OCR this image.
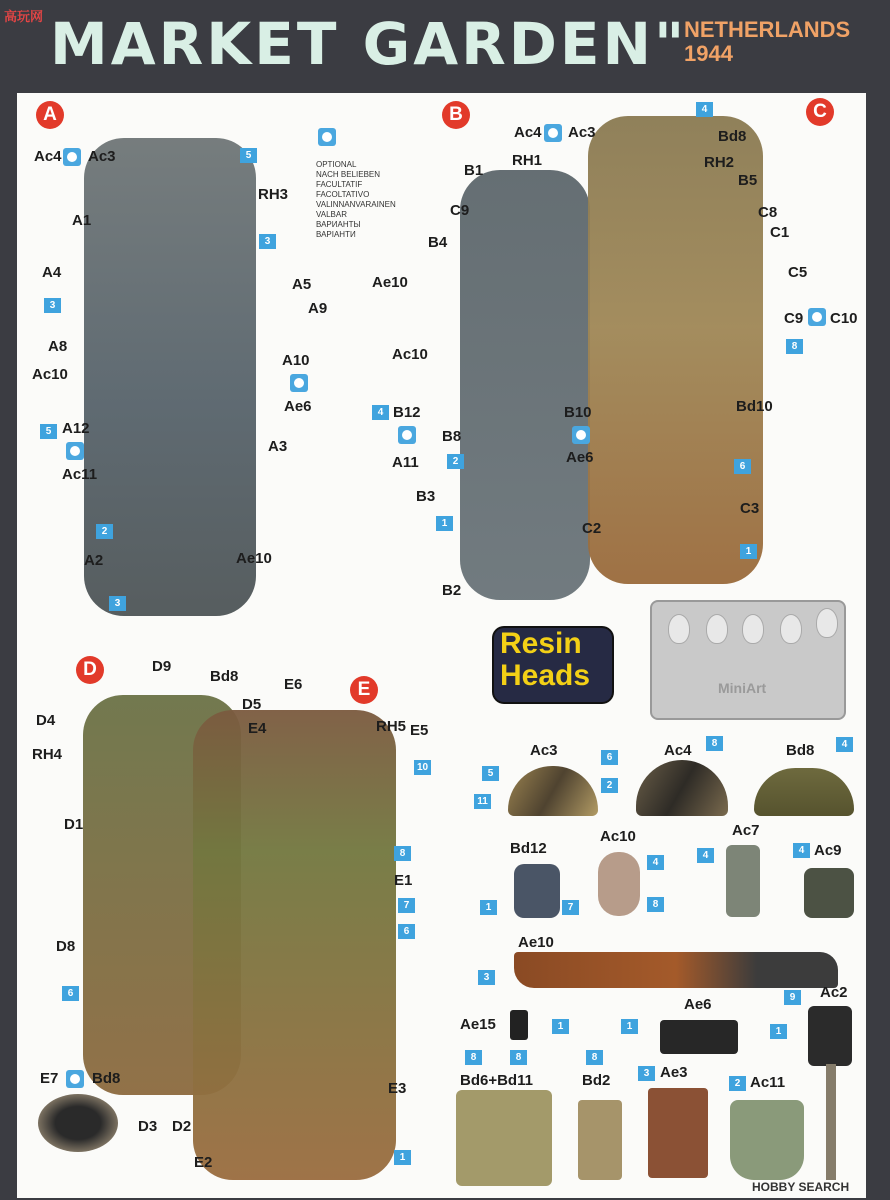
MARKET GARDEN"
NETHERLANDS
1944
高玩网
A	B	C
D
E
OPTIONAL
NACH BELIEBEN
FACULTATIF
FACOLTATIVO
VALINNANVARAINEN
VALBAR
ВАРИАНТЫ
ВАРІАНТИ
Ac4 Ac3	5
RH3
A1
3
A4
A5
3	A9
A8
A10
Ac10
Ae6
5 A12
Ac11
A3
2
A2	Ae10
3
4
Ac4 Ac3
RH1
B1
C9
B4
Ae10
Ac10
4 B12
A11
B8
B10
Ae6
2
B3
1
B2
Bd8
RH2
B5
C8
C1
C5
C9 C10
8
Bd10
6
C3
C2
1
Resin
Heads	MiniArt
D9
Bd8
D5
D4
RH4
D1
D8
6
D3 D2
E7 Bd8
E6
RH5 E5
E4
10
8
E1
7
6
E3
1
E2
Ac3
5
11
Ac4
6
2
8	Bd8	4
Bd12
1	7
Ac10
4
8
Ac7
4	4 Ac9
Ae10
3
9	Ac2
1
Ae15	1
Ae6
1
8	8
Bd6+Bd11
8
Bd2	3 Ae3
2 Ac11
HOBBY SEARCH
